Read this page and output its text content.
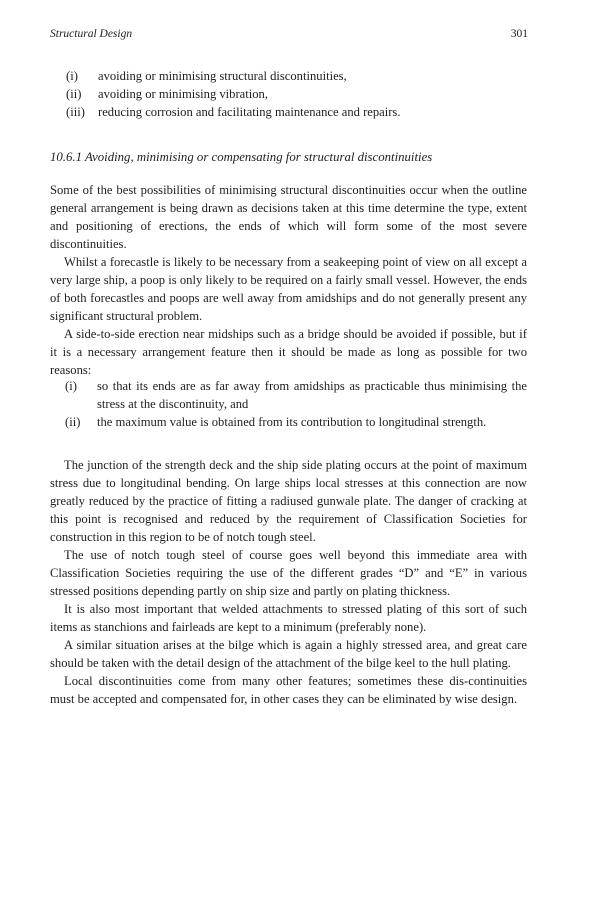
Structural Design	301
(i) avoiding or minimising structural discontinuities,
(ii) avoiding or minimising vibration,
(iii) reducing corrosion and facilitating maintenance and repairs.
10.6.1 Avoiding, minimising or compensating for structural discontinuities

Some of the best possibilities of minimising structural discontinuities occur when the outline general arrangement is being drawn as decisions taken at this time determine the type, extent and positioning of erections, the ends of which will form some of the most severe discontinuities.

Whilst a forecastle is likely to be necessary from a seakeeping point of view on all except a very large ship, a poop is only likely to be required on a fairly small vessel. However, the ends of both forecastles and poops are well away from amidships and do not generally present any significant structural problem.

A side-to-side erection near midships such as a bridge should be avoided if possible, but if it is a necessary arrangement feature then it should be made as long as possible for two reasons:

(i) so that its ends are as far away from amidships as practicable thus minimising the stress at the discontinuity, and
(ii) the maximum value is obtained from its contribution to longitudinal strength.

The junction of the strength deck and the ship side plating occurs at the point of maximum stress due to longitudinal bending. On large ships local stresses at this connection are now greatly reduced by the practice of fitting a radiused gunwale plate. The danger of cracking at this point is recognised and reduced by the requirement of Classification Societies for construction in this region to be of notch tough steel.

The use of notch tough steel of course goes well beyond this immediate area with Classification Societies requiring the use of the different grades “D” and “E” in various stressed positions depending partly on ship size and partly on plating thickness.

It is also most important that welded attachments to stressed plating of this sort of such items as stanchions and fairleads are kept to a minimum (preferably none).

A similar situation arises at the bilge which is again a highly stressed area, and great care should be taken with the detail design of the attachment of the bilge keel to the hull plating.

Local discontinuities come from many other features; sometimes these dis-continuities must be accepted and compensated for, in other cases they can be eliminated by wise design.
